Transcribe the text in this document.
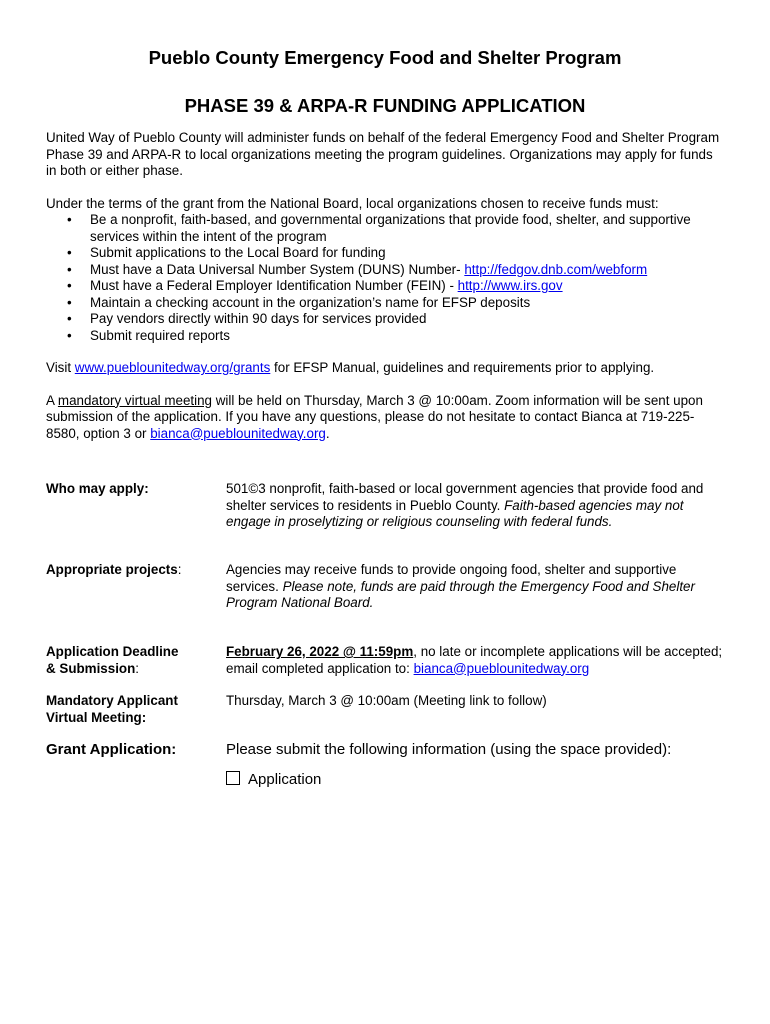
Pueblo County Emergency Food and Shelter Program
PHASE 39 & ARPA-R FUNDING APPLICATION

United Way of Pueblo County will administer funds on behalf of the federal Emergency Food and Shelter Program Phase 39 and ARPA-R to local organizations meeting the program guidelines. Organizations may apply for funds in both or either phase.

Under the terms of the grant from the National Board, local organizations chosen to receive funds must:

• Be a nonprofit, faith-based, and governmental organizations that provide food, shelter, and supportive services within the intent of the program
• Submit applications to the Local Board for funding
• Must have a Data Universal Number System (DUNS) Number- http://fedgov.dnb.com/webform
• Must have a Federal Employer Identification Number (FEIN) - http://www.irs.gov
• Maintain a checking account in the organization’s name for EFSP deposits
• Pay vendors directly within 90 days for services provided
• Submit required reports

Visit www.pueblounitedway.org/grants for EFSP Manual, guidelines and requirements prior to applying.

A mandatory virtual meeting will be held on Thursday, March 3 @ 10:00am. Zoom information will be sent upon submission of the application. If you have any questions, please do not hesitate to contact Bianca at 719-225-8580, option 3 or bianca@pueblounitedway.org.

Who may apply:	501©3 nonprofit, faith-based or local government agencies that provide food and shelter services to residents in Pueblo County. Faith-based agencies may not engage in proselytizing or religious counseling with federal funds.
Appropriate projects:	Agencies may receive funds to provide ongoing food, shelter and supportive services. Please note, funds are paid through the Emergency Food and Shelter Program National Board.
Application Deadline
& Submission:
February 26, 2022 @ 11:59pm, no late or incomplete applications will be accepted; email completed application to: bianca@pueblounitedway.org
Mandatory Applicant
Virtual Meeting:
Thursday, March 3 @ 10:00am (Meeting link to follow)
Grant Application:	Please submit the following information (using the space provided):
Application
